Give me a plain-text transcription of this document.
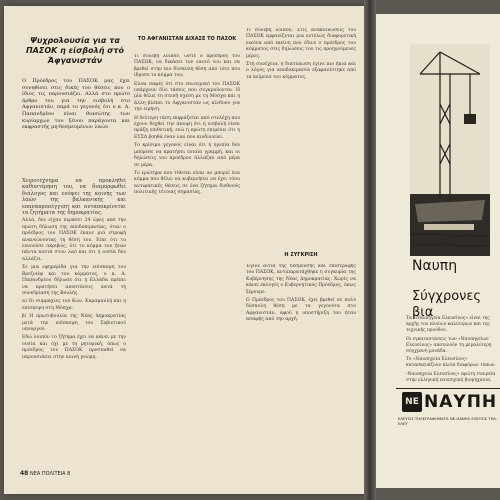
Ψυχρολουσία για τα ΠΑΣΟΚ η είσβολή στό Άφγανιστάν
Ο Πρόεδρος του ΠΑΣΟΚ μας έχει συνηθίσει στις δικές του θέσεις που ο ίδιος τις παρουσιάζει. Αλλά στο πρώτο άρθρο του για την εισβολή στο Αφγανιστάν, παρά το γεγονός ότι ο κ. Α. Παπανδρέου είναι θιασώτης των κυρίαρχων του ξένου παράγοντα και εκφραστής μη-δεσμευμένων λαών.

Χειροτέχνημα να προκληθεί καθυστέρηση του, να διαμορφωθεί διάλογος και ενόψει της κοινής των λαών της βαλκανικής και επαναπροσέγγιση και ανταποκρίνεται τα ζητήματα της δημοκρατίας.

Αλλά, δεν είχαν περάσει 24 ώρες από την πρώτη δήλωση της αποδοκιμασίας, όταν ο πρόεδρος του ΠΑΣΟΚ έκανε μια στροφή ανανεώνοντας τη θέση του. Είπε ότι το εννοούσε ακριβώς, ότι το κόμμα του ήταν πάντα κοντά στον λαό και ότι η ουσία δεν αλλάζει.

Σε μια εφημερίδα για την επίσκεψη του Βρεζνιέφ και του κόμματος, ο κ. Α. Παπανδρέου δήλωσε ότι η Ελλάδα πρέπει να κρατήσει αποστάσεις κατά τη συνεδρίαση της Βουλής.

α) Οι συμμαχίες του Κων. Καραμανλή και η επίσκεψη στη Μόσχα.

β) Η πρωτοβουλία της Νέας Δημοκρατίας μετά την επίσκεψη του Σοβιετικού υπουργού.

Εδώ λοιπόν το ζήτημα έχει να κάνει με την ουσία και όχι με τη ρητορική, όπως ο πρόεδρος του ΠΑΣΟΚ προσπαθεί να παρουσιάσει στην κοινή γνώμη.

ΤΟ ΑΦΓΑΝΙΣΤΑΝ ΔΙΧΑΣΕ ΤΟ ΠΑΣΟΚ

Τι συνέβη λοιπόν, ώστε ο πρόεδρος του ΠΑΣΟΚ, να δικάσει τον εαυτό του και να βρεθεί στην πιο δύσκολη θέση από τότε που ίδρυσε το κόμμα του;

Είναι σαφές ότι στο εσωτερικό του ΠΑΣΟΚ υπάρχουν δύο τάσεις που συγκρούονται. Η μία θέλει τη στενή σχέση με τη Μόσχα και η άλλη βλέπει το Αφγανιστάν ως κίνδυνο για την ειρήνη.

Η δεύτερη τάση εκφράζεται από στελέχη που έχουν δεχθεί την άποψη ότι η εισβολή είναι πράξη επιθετική, ενώ η πρώτη επιμένει ότι η ΕΣΣΔ βοηθά έναν λαό που κινδυνεύει.

Το κρίσιμο γεγονός είναι ότι η ηγεσία δεν μπόρεσε να κρατήσει ενιαία γραμμή, και οι δηλώσεις του προέδρου άλλαζαν από μέρα σε μέρα.

Το ερώτημα που τίθεται είναι αν μπορεί ένα κόμμα που θέλει να κυβερνήσει να έχει τόσο αντιφατικές θέσεις σε ένα ζήτημα διεθνούς πολιτικής τέτοιας σημασίας.

Τι συνέβη λοιπόν; Στις ανακοινώσεις του ΠΑΣΟΚ εμφανίζεται μια εντελώς διαφορετική εικόνα από εκείνη που έδινε ο πρόεδρος του κόμματος στις δηλώσεις του τις προηγούμενες μέρες.

Στη συνέχεια, η διατύπωση έγινε πιο ήπια και ο λόγος για αποδοκιμασία εξαφανίστηκε από τα κείμενα του κόμματος.

Η ΣΥΓΚΡΙΣΗ

Έγινε αιτία της δεσμεύσης και επιστροφής του ΠΑΣΟΚ, αντιπαρατάχθηκε η συγκυρία της Κυβέρνησης της Νέας Δημοκρατίας. Χωρίς να κάνει εκλογές ο Κυβερνητικός Πρόεδρος, όπως ξέρουμε.

Ο Πρόεδρος του ΠΑΣΟΚ, έχει βρεθεί σε πολύ δύσκολη θέση με τα γεγονότα στο Αφγανιστάν, αφού η υποστήριξη του ήταν ασαφής από την αρχή.

48 ΝΕΑ ΠΟΛΙΤΕΙΑ 8
Ναυπη
Σύγχρονες βια

Τα «Ναυπηγεία Ελευσίνος» είναι της αρχής του πλοίων καλύτερων και της τεχνικής προόδου.

Οι εγκαταστάσεις των «Ναυπηγείων Ελευσίνος» αποτελούν τη μεγαλύτερη σύγχρονη μονάδα.

Το «Ναυπηγεία Ελευσίνος» κατασκευάζουν πλοία διαφόρων τύπων.

-Ναυπηγεία Ελευσίνος» πρώτη εταιρεία στην ελληνική ναυπηγική βιομηχανία.

ΝΕ ΝΑΥΠΗ
ΕΛΕΥΣΙΣ ΤΗΛΕΓΡΑΦΗΜΑΤΑ ΝΕ-ΗΑΝΗΛ ΕΛΕΥΣΙΣ ΤΗΛ. ΕΛΕΥ
